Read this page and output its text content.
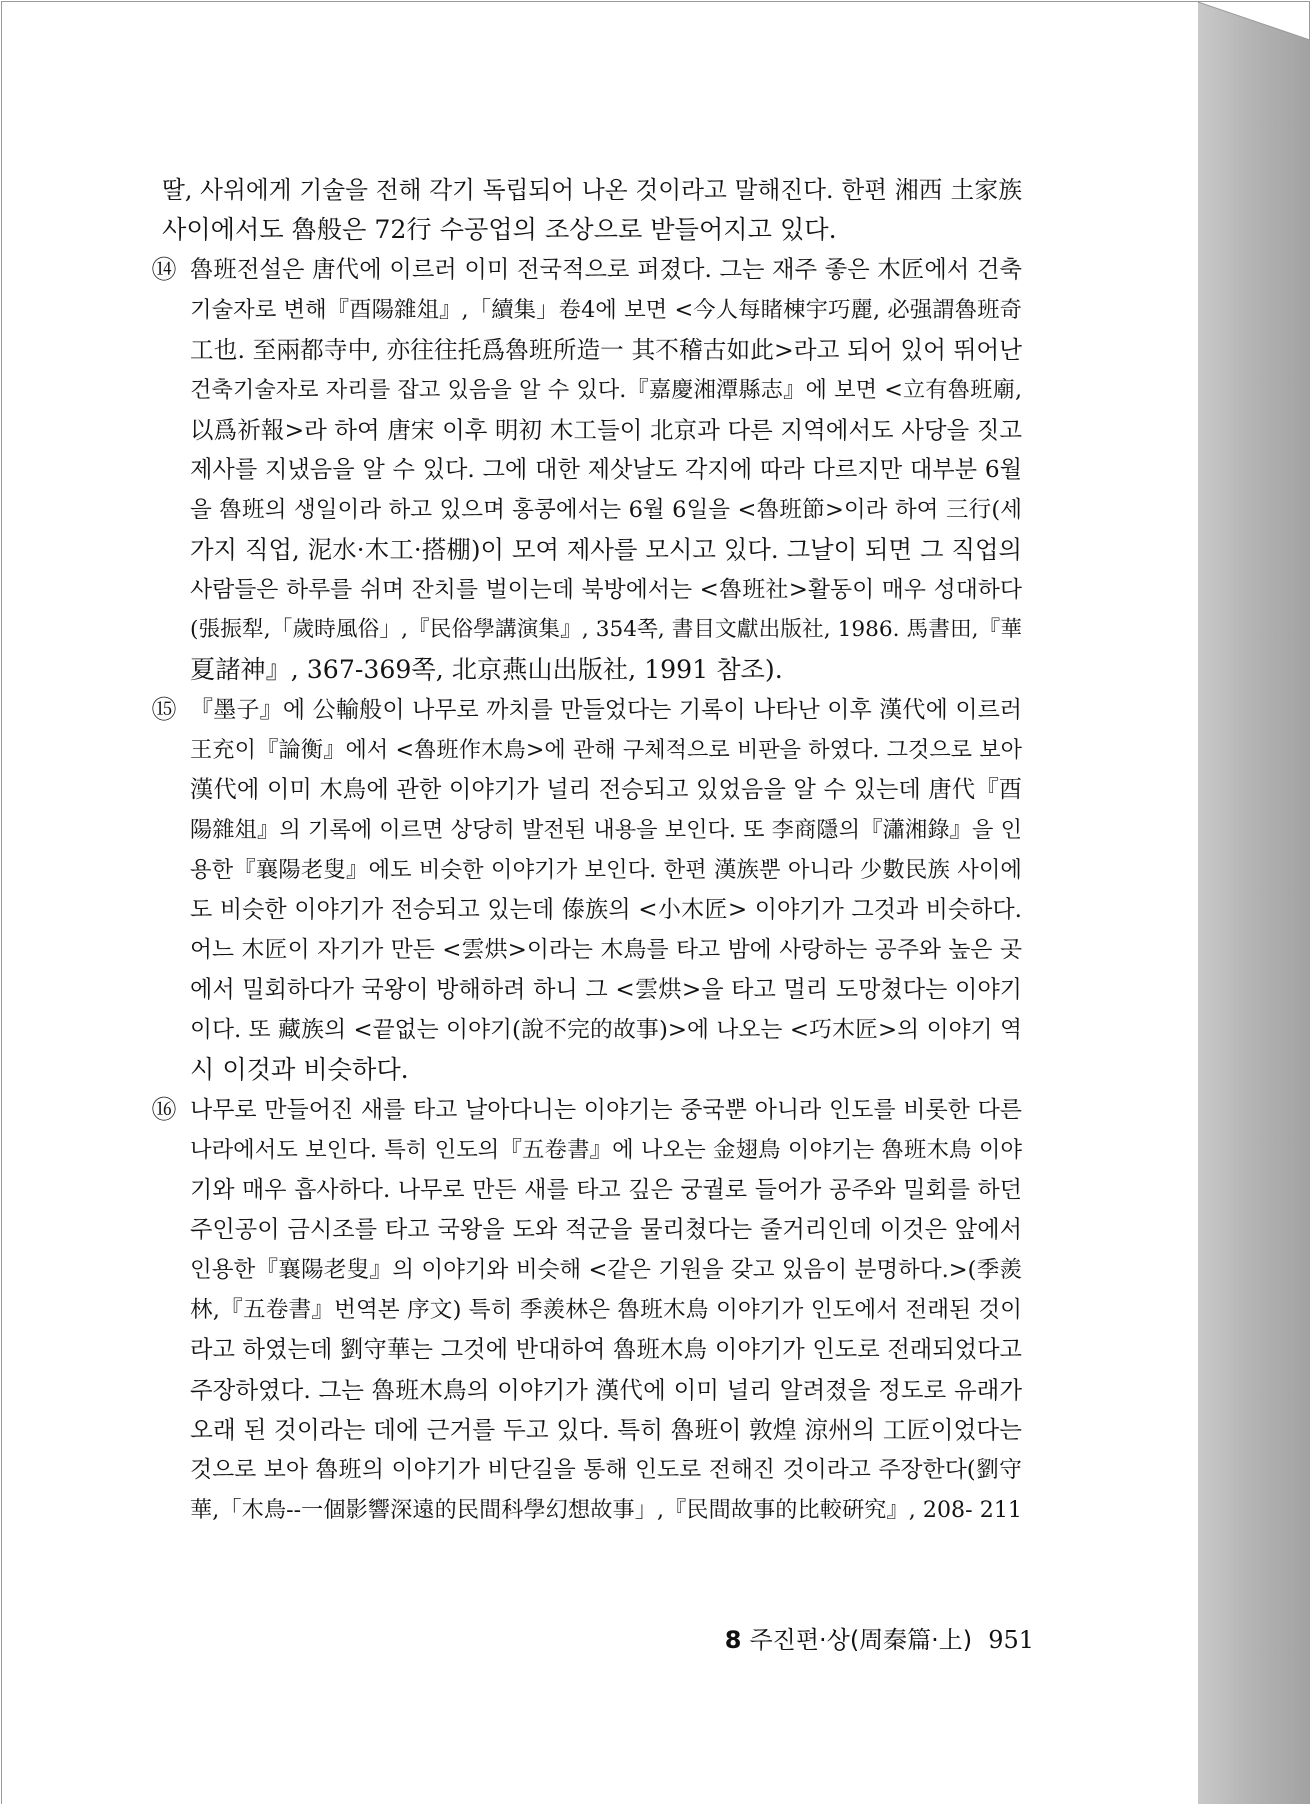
딸, 사위에게 기술을 전해 각기 독립되어 나온 것이라고 말해진다. 한편 湘西 土家族
사이에서도 魯般은 72行 수공업의 조상으로 받들어지고 있다.
⑭ 魯班전설은 唐代에 이르러 이미 전국적으로 퍼졌다. 그는 재주 좋은 木匠에서 건축
기술자로 변해『酉陽雜俎』,「續集」卷4에 보면 <今人每睹棟宇巧麗, 必强謂魯班奇
工也. 至兩都寺中, 亦往往托爲魯班所造一 其不稽古如此>라고 되어 있어 뛰어난
건축기술자로 자리를 잡고 있음을 알 수 있다.『嘉慶湘潭縣志』에 보면 <立有魯班廟,
以爲祈報>라 하여 唐宋 이후 明初 木工들이 北京과 다른 지역에서도 사당을 짓고
제사를 지냈음을 알 수 있다. 그에 대한 제삿날도 각지에 따라 다르지만 대부분 6월
을 魯班의 생일이라 하고 있으며 홍콩에서는 6월 6일을 <魯班節>이라 하여 三行(세
가지 직업, 泥水·木工·搭棚)이 모여 제사를 모시고 있다. 그날이 되면 그 직업의
사람들은 하루를 쉬며 잔치를 벌이는데 북방에서는 <魯班社>활동이 매우 성대하다
(張振犁,「歲時風俗」,『民俗學講演集』, 354쪽, 書目文獻出版社, 1986. 馬書田,『華
夏諸神』, 367-369쪽, 北京燕山出版社, 1991 참조).
⑮ 『墨子』에 公輸般이 나무로 까치를 만들었다는 기록이 나타난 이후 漢代에 이르러
王充이『論衡』에서 <魯班作木鳥>에 관해 구체적으로 비판을 하였다. 그것으로 보아
漢代에 이미 木鳥에 관한 이야기가 널리 전승되고 있었음을 알 수 있는데 唐代『酉
陽雜俎』의 기록에 이르면 상당히 발전된 내용을 보인다. 또 李商隱의『瀟湘錄』을 인
용한『襄陽老叟』에도 비슷한 이야기가 보인다. 한편 漢族뿐 아니라 少數民族 사이에
도 비슷한 이야기가 전승되고 있는데 傣族의 <小木匠> 이야기가 그것과 비슷하다.
어느 木匠이 자기가 만든 <雲烘>이라는 木鳥를 타고 밤에 사랑하는 공주와 높은 곳
에서 밀회하다가 국왕이 방해하려 하니 그 <雲烘>을 타고 멀리 도망쳤다는 이야기
이다. 또 藏族의 <끝없는 이야기(說不完的故事)>에 나오는 <巧木匠>의 이야기 역
시 이것과 비슷하다.
⑯ 나무로 만들어진 새를 타고 날아다니는 이야기는 중국뿐 아니라 인도를 비롯한 다른
나라에서도 보인다. 특히 인도의『五卷書』에 나오는 金翅鳥 이야기는 魯班木鳥 이야
기와 매우 흡사하다. 나무로 만든 새를 타고 깊은 궁궐로 들어가 공주와 밀회를 하던
주인공이 금시조를 타고 국왕을 도와 적군을 물리쳤다는 줄거리인데 이것은 앞에서
인용한『襄陽老叟』의 이야기와 비슷해 <같은 기원을 갖고 있음이 분명하다.>(季羨
林,『五卷書』번역본 序文) 특히 季羨林은 魯班木鳥 이야기가 인도에서 전래된 것이
라고 하였는데 劉守華는 그것에 반대하여 魯班木鳥 이야기가 인도로 전래되었다고
주장하였다. 그는 魯班木鳥의 이야기가 漢代에 이미 널리 알려졌을 정도로 유래가
오래 된 것이라는 데에 근거를 두고 있다. 특히 魯班이 敦煌 涼州의 工匠이었다는
것으로 보아 魯班의 이야기가 비단길을 통해 인도로 전해진 것이라고 주장한다(劉守
華,「木鳥--一個影響深遠的民間科學幻想故事」,『民間故事的比較硏究』, 208- 211
8 주진편·상(周秦篇·上) 951
